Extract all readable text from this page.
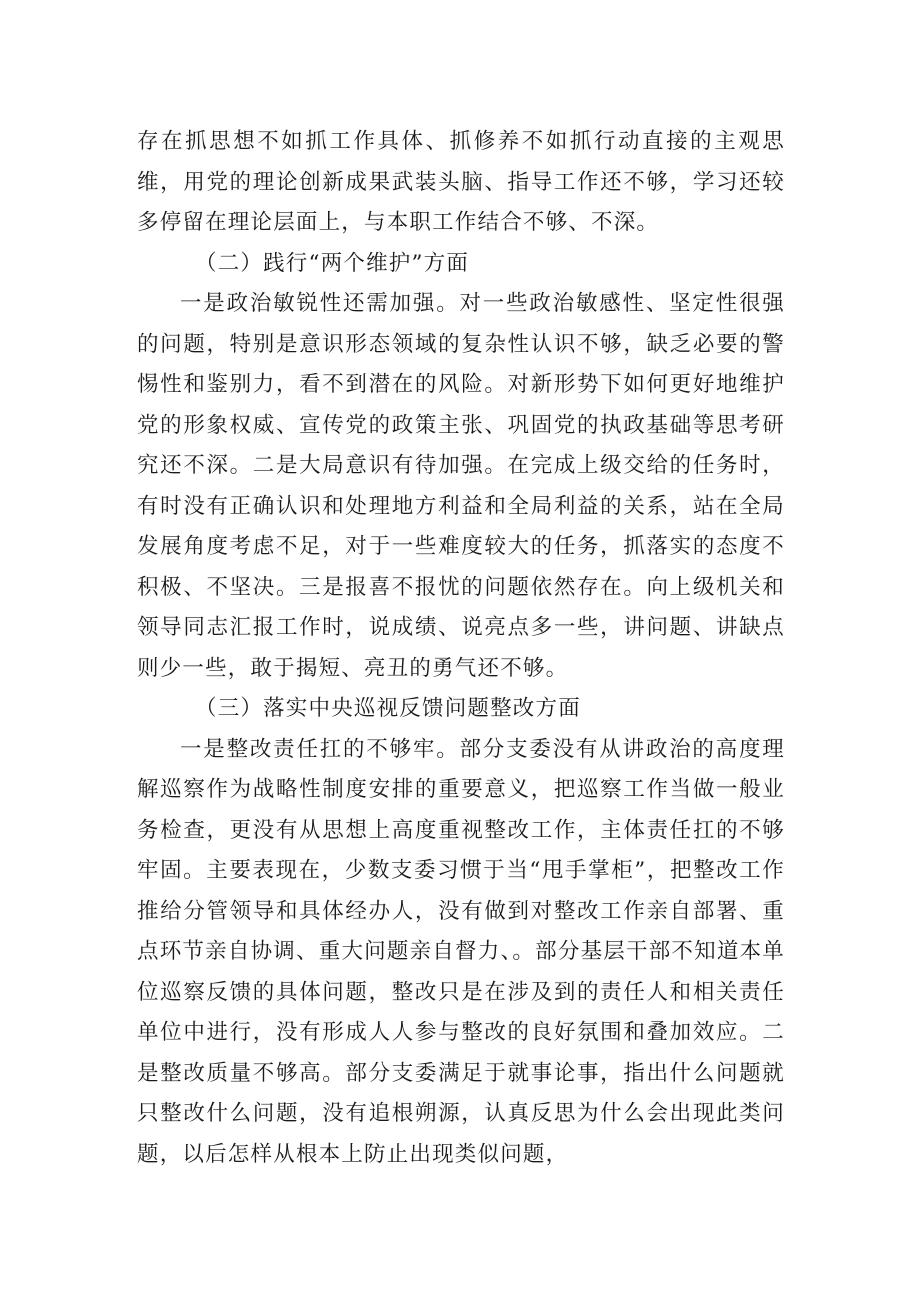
存在抓思想不如抓工作具体、抓修养不如抓行动直接的主观思维，用党的理论创新成果武装头脑、指导工作还不够，学习还较多停留在理论层面上，与本职工作结合不够、不深。

（二）践行“两个维护”方面

一是政治敏锐性还需加强。对一些政治敏感性、坚定性很强的问题，特别是意识形态领域的复杂性认识不够，缺乏必要的警惕性和鉴别力，看不到潜在的风险。对新形势下如何更好地维护党的形象权威、宣传党的政策主张、巩固党的执政基础等思考研究还不深。二是大局意识有待加强。在完成上级交给的任务时，有时没有正确认识和处理地方利益和全局利益的关系，站在全局发展角度考虑不足，对于一些难度较大的任务，抓落实的态度不积极、不坚决。三是报喜不报忧的问题依然存在。向上级机关和领导同志汇报工作时，说成绩、说亮点多一些，讲问题、讲缺点则少一些，敢于揭短、亮丑的勇气还不够。

（三）落实中央巡视反馈问题整改方面

一是整改责任扛的不够牢。部分支委没有从讲政治的高度理解巡察作为战略性制度安排的重要意义，把巡察工作当做一般业务检查，更没有从思想上高度重视整改工作，主体责任扛的不够牢固。主要表现在，少数支委习惯于当“甩手掌柜”，把整改工作推给分管领导和具体经办人，没有做到对整改工作亲自部署、重点环节亲自协调、重大问题亲自督力、。部分基层干部不知道本单位巡察反馈的具体问题，整改只是在涉及到的责任人和相关责任单位中进行，没有形成人人参与整改的良好氛围和叠加效应。二是整改质量不够高。部分支委满足于就事论事，指出什么问题就只整改什么问题，没有追根朔源，认真反思为什么会出现此类问题，以后怎样从根本上防止出现类似问题，
